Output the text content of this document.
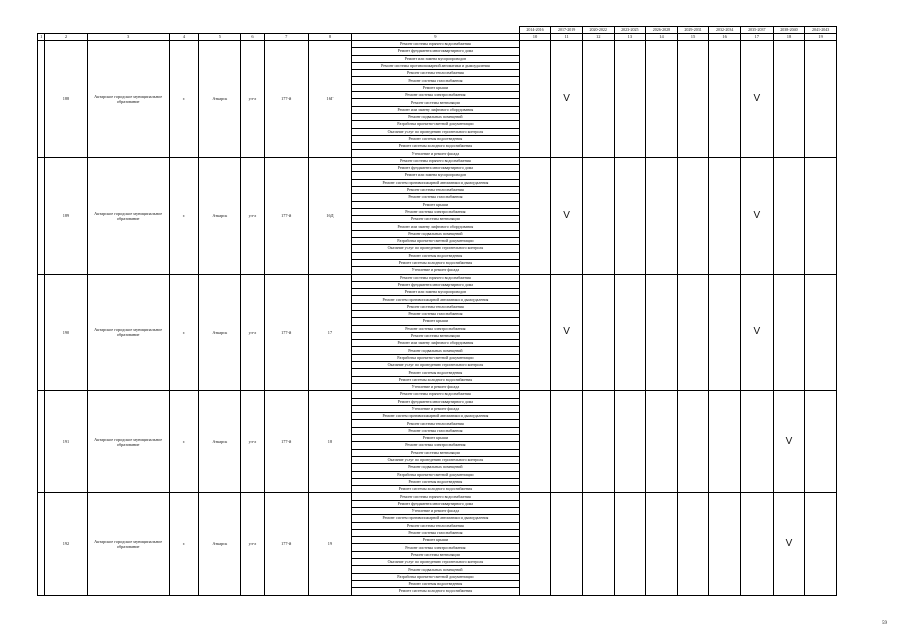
									2014-2016	2017-2019	2020-2022	2023-2025	2026-2028	2029-2031	2032-2034	2035-2037	2038-2040	2041-2043
1	2	3	4	5	6	7	8	9	10	11	12	13	14	15	16	17	18	19
	188	Актарское городское муниципальное образование	г.	Аткарск	ул-л	177-й	16Г	Ремонт системы горячего водоснабжения		V						V		
								Ремонт фундамента многоквартирного дома										
								Ремонт или замена мусоропроводов										
								Ремонт системы противопожарной автоматики и дымоудаления										
								Ремонт системы теплоснабжения										
								Ремонт системы газоснабжения										
								Ремонт крыши										
								Ремонт системы электроснабжения										
								Ремонт системы вентиляции										
								Ремонт или замену лифтового оборудования										
								Ремонт подвальных помещений										
								Разработка проектно-сметной документации										
								Оказание услуг по проведению строительного контроля										
								Ремонт системы водоотведения										
								Ремонт системы холодного водоснабжения										
								Утепление и ремонт фасада										
	189	Актарское городское муниципальное образование	г.	Аткарск	ул-л	177-й	16Д	Ремонт системы горячего водоснабжения		V						V		
								Ремонт фундамента многоквартирного дома										
								Ремонт или замена мусоропроводов										
								Ремонт систем противопожарной автоматики и дымоудаления										
								Ремонт системы теплоснабжения										
								Ремонт системы газоснабжения										
								Ремонт крыши										
								Ремонт системы электроснабжения										
								Ремонт системы вентиляции										
								Ремонт или замену лифтового оборудования										
								Ремонт подвальных помещений										
								Разработка проектно-сметной документации										
								Оказание услуг по проведению строительного контроля										
								Ремонт системы водоотведения										
								Ремонт системы холодного водоснабжения										
								Утепление и ремонт фасада										
	190	Актарское городское муниципальное образование	г.	Аткарск	ул-л	177-й	17	Ремонт системы горячего водоснабжения		V						V		
								Ремонт фундамента многоквартирного дома										
								Ремонт или замена мусоропроводов										
								Ремонт систем противопожарной автоматики и дымоудаления										
								Ремонт системы теплоснабжения										
								Ремонт системы газоснабжения										
								Ремонт крыши										
								Ремонт системы электроснабжения										
								Ремонт системы вентиляции										
								Ремонт или замену лифтового оборудования										
								Ремонт подвальных помещений										
								Разработка проектно-сметной документации										
								Оказание услуг по проведению строительного контроля										
								Ремонт системы водоотведения										
								Ремонт системы холодного водоснабжения										
								Утепление и ремонт фасада										
	191	Актарское городское муниципальное образование	г.	Аткарск	ул-л	177-й	18	Ремонт системы горячего водоснабжения									V	
								Ремонт фундамента многоквартирного дома										
								Утепление и ремонт фасада										
								Ремонт систем противопожарной автоматики и дымоудаления										
								Ремонт системы теплоснабжения										
								Ремонт системы газоснабжения										
								Ремонт крыши										
								Ремонт системы электроснабжения										
								Ремонт системы вентиляции										
								Оказание услуг по проведению строительного контроля										
								Ремонт подвальных помещений										
								Разработка проектно-сметной документации										
								Ремонт системы водоотведения										
								Ремонт системы холодного водоснабжения										
	192	Актарское городское муниципальное образование	г.	Аткарск	ул-л	177-й	19	Ремонт системы горячего водоснабжения									V	
								Ремонт фундамента многоквартирного дома										
								Утепление и ремонт фасада										
								Ремонт систем противопожарной автоматики и дымоудаления										
								Ремонт системы теплоснабжения										
								Ремонт системы газоснабжения										
								Ремонт крыши										
								Ремонт системы электроснабжения										
								Ремонт системы вентиляции										
								Оказание услуг по проведению строительного контроля										
								Ремонт подвальных помещений										
								Разработка проектно-сметной документации										
								Ремонт системы водоотведения										
								Ремонт системы холодного водоснабжения										
59
